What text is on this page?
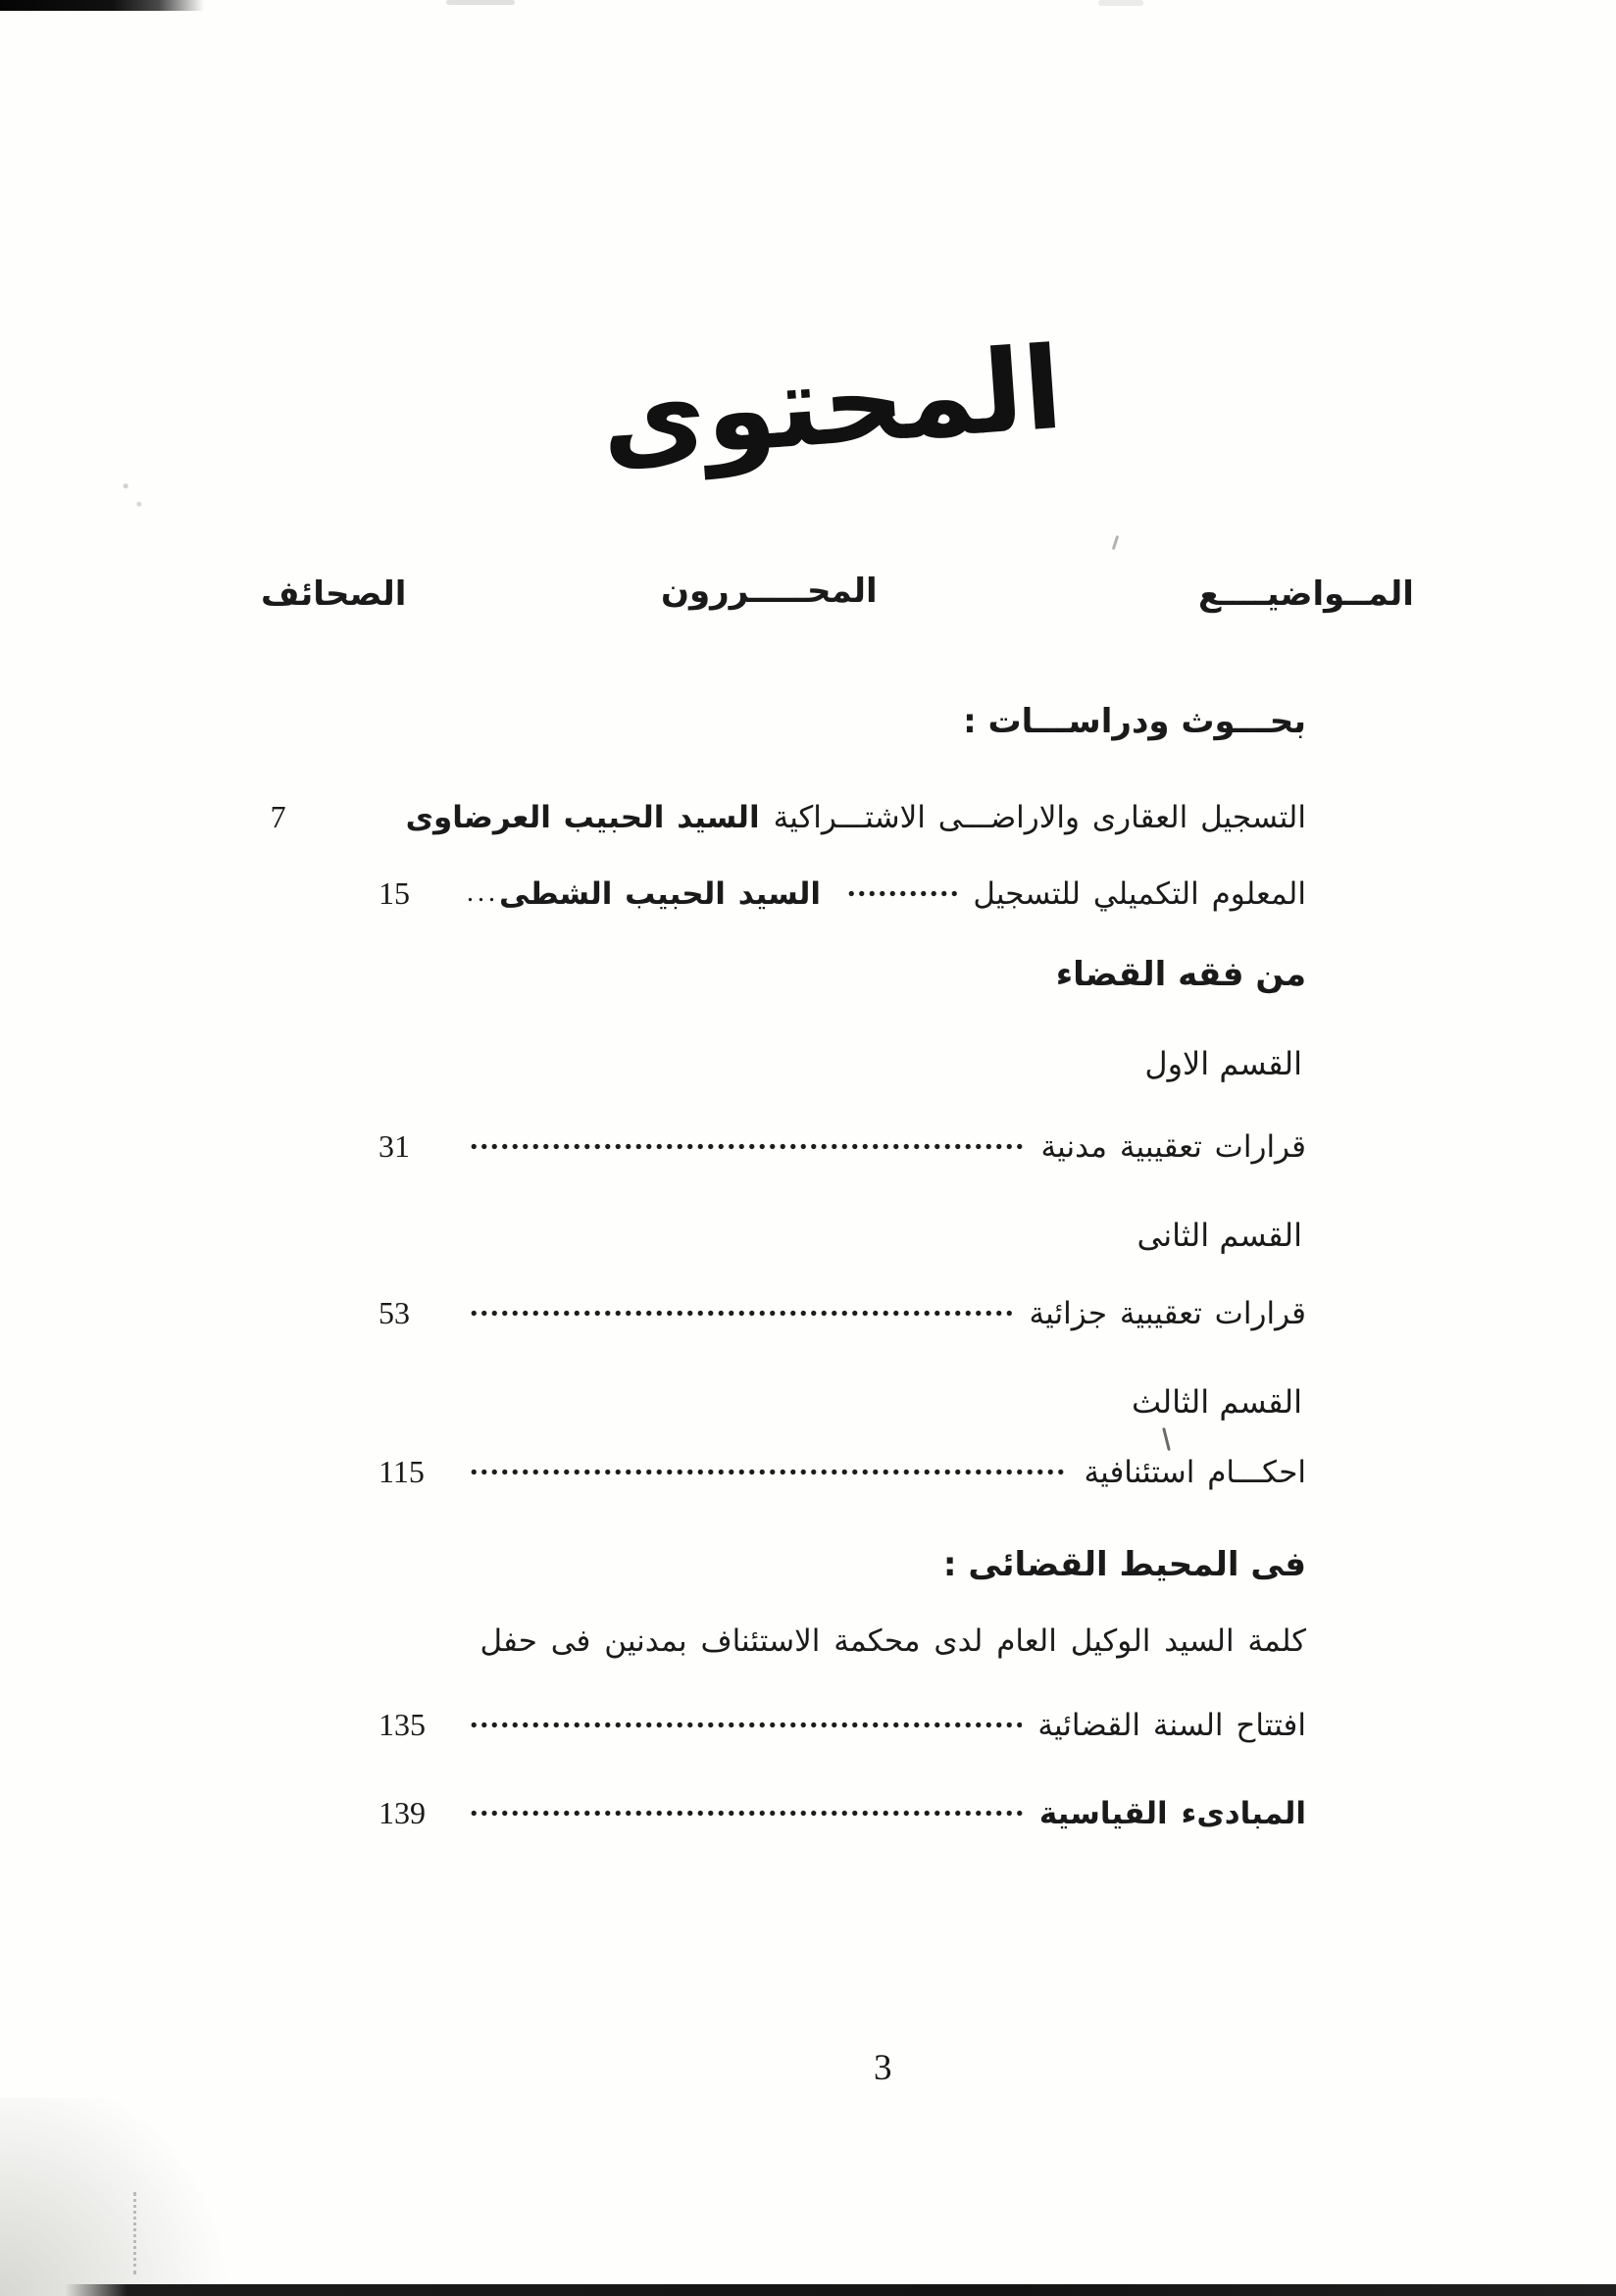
المحتوى
الصحائف	المحـــــررون	المــواضيــــع
بحـــوث ودراســـات :
التسجيل العقارى والاراضـــى الاشتـــراكية
السيد الحبيب العرضاوى
7
المعلوم التكميلي للتسجيل
السيد الحبيب الشطى
...
15
من فقه القضاء
القسم الاول
قرارات تعقيبية مدنية
31
القسم الثانى
قرارات تعقيبية جزائية
53
القسم الثالث
احكـــام استئنافية
115
فى المحيط القضائى :
كلمة السيد الوكيل العام لدى محكمة الاستئناف بمدنين فى حفل
افتتاح السنة القضائية
135
المبادىء القياسية
139
3
